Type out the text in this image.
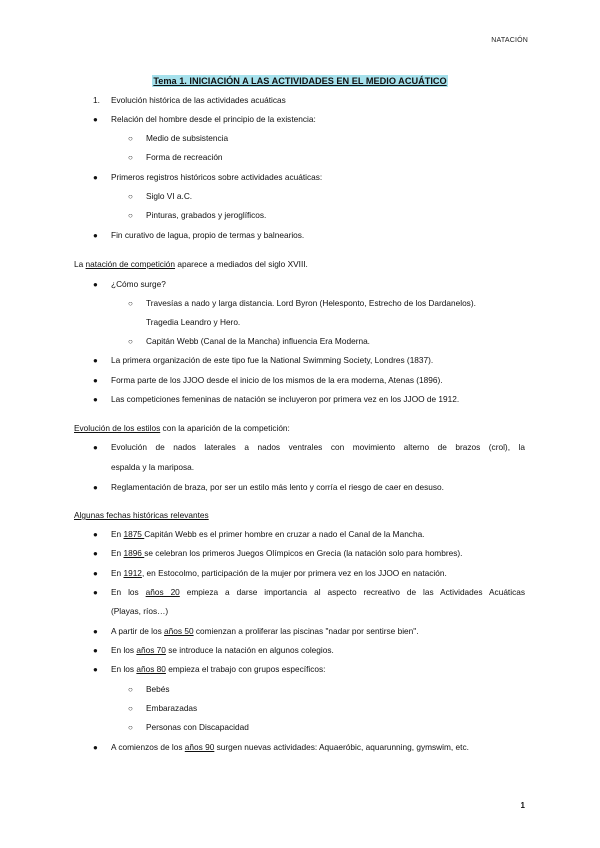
NATACIÓN
Tema 1. INICIACIÓN A LAS ACTIVIDADES EN EL MEDIO ACUÁTICO
1. Evolución histórica de las actividades acuáticas
● Relación del hombre desde el principio de la existencia:
○ Medio de subsistencia
○ Forma de recreación
● Primeros registros históricos sobre actividades acuáticas:
○ Siglo VI a.C.
○ Pinturas, grabados y jeroglíficos.
● Fin curativo de lagua, propio de termas y balnearios.
La natación de competición aparece a mediados del siglo XVIII.
● ¿Cómo surge?
○ Travesías a nado y larga distancia. Lord Byron (Helesponto, Estrecho de los Dardanelos).
Tragedia Leandro y Hero.
○ Capitán Webb (Canal de la Mancha) influencia Era Moderna.
● La primera organización de este tipo fue la National Swimming Society, Londres (1837).
● Forma parte de los JJOO desde el inicio de los mismos de la era moderna, Atenas (1896).
● Las competiciones femeninas de natación se incluyeron por primera vez en los JJOO de 1912.
Evolución de los estilos con la aparición de la competición:
● Evolución de nados laterales a nados ventrales con movimiento alterno de brazos (crol), la
espalda y la mariposa.
● Reglamentación de braza, por ser un estilo más lento y corría el riesgo de caer en desuso.
Algunas fechas históricas relevantes
● En 1875 Capitán Webb es el primer hombre en cruzar a nado el Canal de la Mancha.
● En 1896 se celebran los primeros Juegos Olímpicos en Grecia (la natación solo para hombres).
● En 1912, en Estocolmo, participación de la mujer por primera vez en los JJOO en natación.
● En los años 20 empieza a darse importancia al aspecto recreativo de las Actividades Acuáticas
(Playas, ríos…)
● A partir de los años 50 comienzan a proliferar las piscinas "nadar por sentirse bien".
● En los años 70 se introduce la natación en algunos colegios.
● En los años 80 empieza el trabajo con grupos específicos:
○ Bebés
○ Embarazadas
○ Personas con Discapacidad
● A comienzos de los años 90 surgen nuevas actividades: Aquaeróbic, aquarunning, gymswim, etc.
1
